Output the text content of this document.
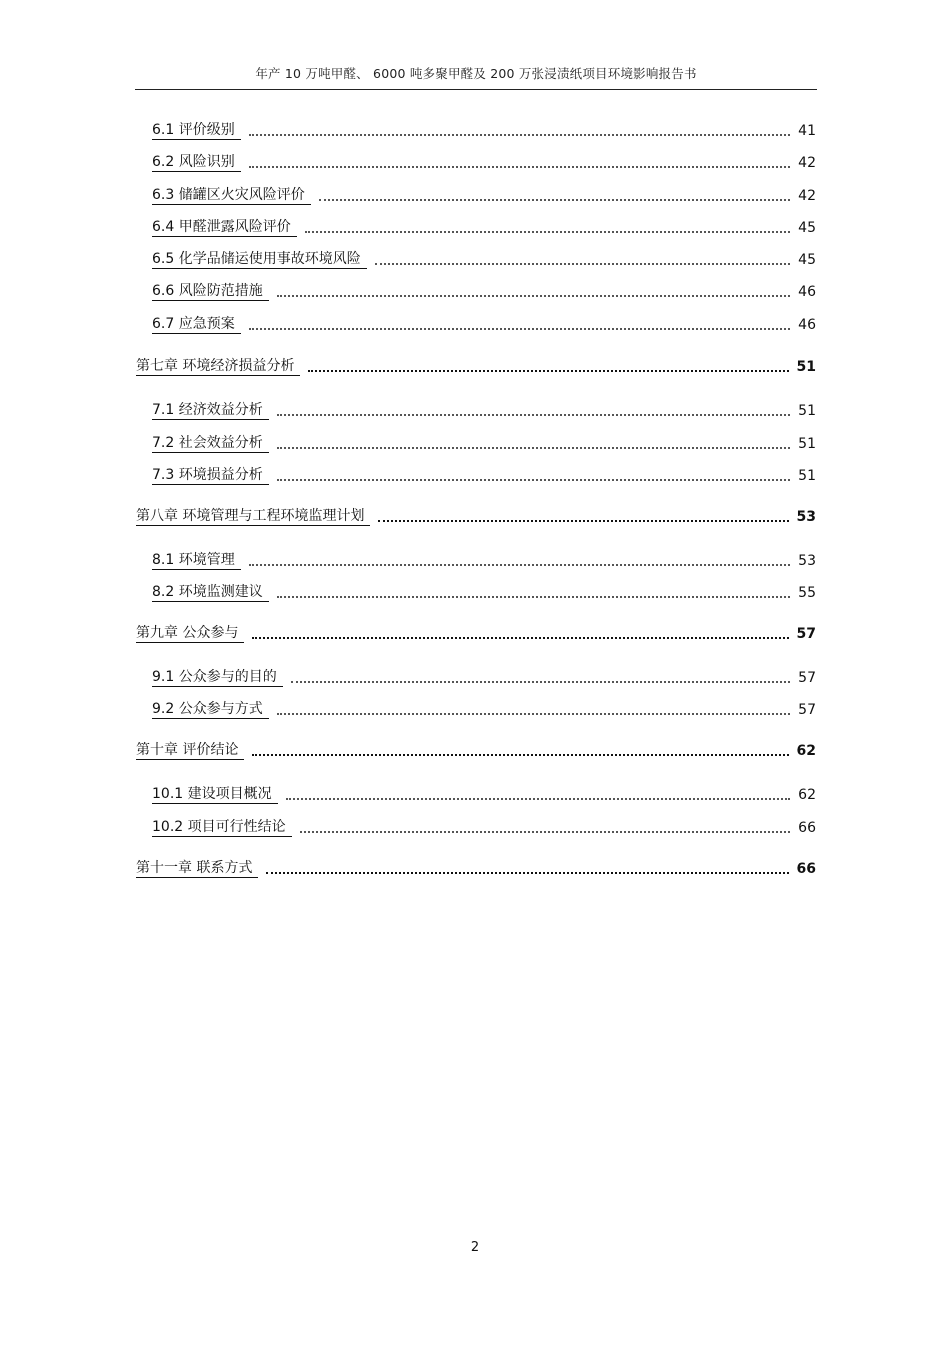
年产 10 万吨甲醛、 6000 吨多聚甲醛及 200 万张浸渍纸项目环境影响报告书
6.1 评价级别	41
6.2 风险识别	42
6.3 储罐区火灾风险评价	42
6.4 甲醛泄露风险评价	45
6.5 化学品储运使用事故环境风险	45
6.6 风险防范措施	46
6.7 应急预案	46
第七章 环境经济损益分析	51
7.1 经济效益分析	51
7.2 社会效益分析	51
7.3 环境损益分析	51
第八章 环境管理与工程环境监理计划	53
8.1 环境管理	53
8.2 环境监测建议	55
第九章 公众参与	57
9.1 公众参与的目的	57
9.2 公众参与方式	57
第十章 评价结论	62
10.1 建设项目概况	62
10.2 项目可行性结论	66
第十一章 联系方式	66
2
